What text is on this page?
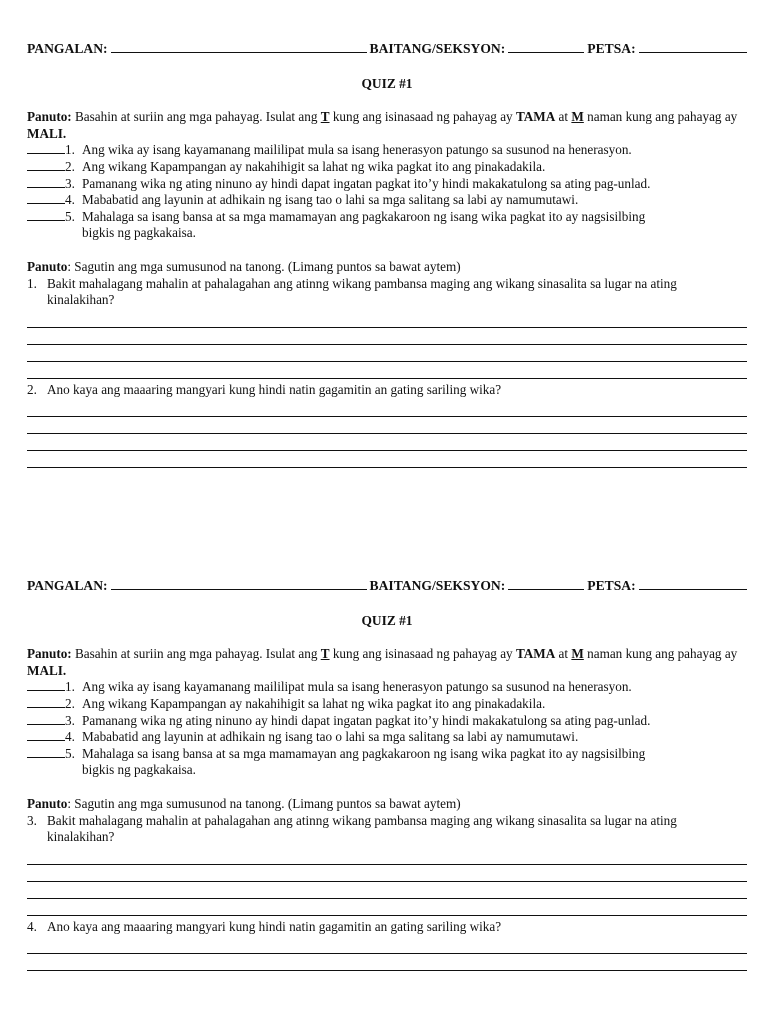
PANGALAN:	BAITANG/SEKSYON:	PETSA:
QUIZ #1
Panuto: Basahin at suriin ang mga pahayag. Isulat ang T kung ang isinasaad ng pahayag ay TAMA at M naman kung ang pahayag ay MALI.
1. Ang wika ay isang kayamanang maililipat mula sa isang henerasyon patungo sa susunod na henerasyon.
2. Ang wikang Kapampangan ay nakahihigit sa lahat ng wika pagkat ito ang pinakadakila.
3. Pamanang wika ng ating ninuno ay hindi dapat ingatan pagkat ito’y hindi makakatulong sa ating pag-unlad.
4. Mababatid ang layunin at adhikain ng isang tao o lahi sa mga salitang sa labi ay namumutawi.
5. Mahalaga sa isang bansa at sa mga mamamayan ang pagkakaroon ng isang wika pagkat ito ay nagsisilbing
bigkis ng pagkakaisa.
Panuto: Sagutin ang mga sumusunod na tanong. (Limang puntos sa bawat aytem)
1. Bakit mahalagang mahalin at pahalagahan ang atinng wikang pambansa maging ang wikang sinasalita sa lugar na ating kinalakihan?
2. Ano kaya ang maaaring mangyari kung hindi natin gagamitin an gating sariling wika?
PANGALAN:	BAITANG/SEKSYON:	PETSA:
QUIZ #1
Panuto: Basahin at suriin ang mga pahayag. Isulat ang T kung ang isinasaad ng pahayag ay TAMA at M naman kung ang pahayag ay MALI.
1. Ang wika ay isang kayamanang maililipat mula sa isang henerasyon patungo sa susunod na henerasyon.
2. Ang wikang Kapampangan ay nakahihigit sa lahat ng wika pagkat ito ang pinakadakila.
3. Pamanang wika ng ating ninuno ay hindi dapat ingatan pagkat ito’y hindi makakatulong sa ating pag-unlad.
4. Mababatid ang layunin at adhikain ng isang tao o lahi sa mga salitang sa labi ay namumutawi.
5. Mahalaga sa isang bansa at sa mga mamamayan ang pagkakaroon ng isang wika pagkat ito ay nagsisilbing
bigkis ng pagkakaisa.
Panuto: Sagutin ang mga sumusunod na tanong. (Limang puntos sa bawat aytem)
3. Bakit mahalagang mahalin at pahalagahan ang atinng wikang pambansa maging ang wikang sinasalita sa lugar na ating kinalakihan?
4. Ano kaya ang maaaring mangyari kung hindi natin gagamitin an gating sariling wika?
